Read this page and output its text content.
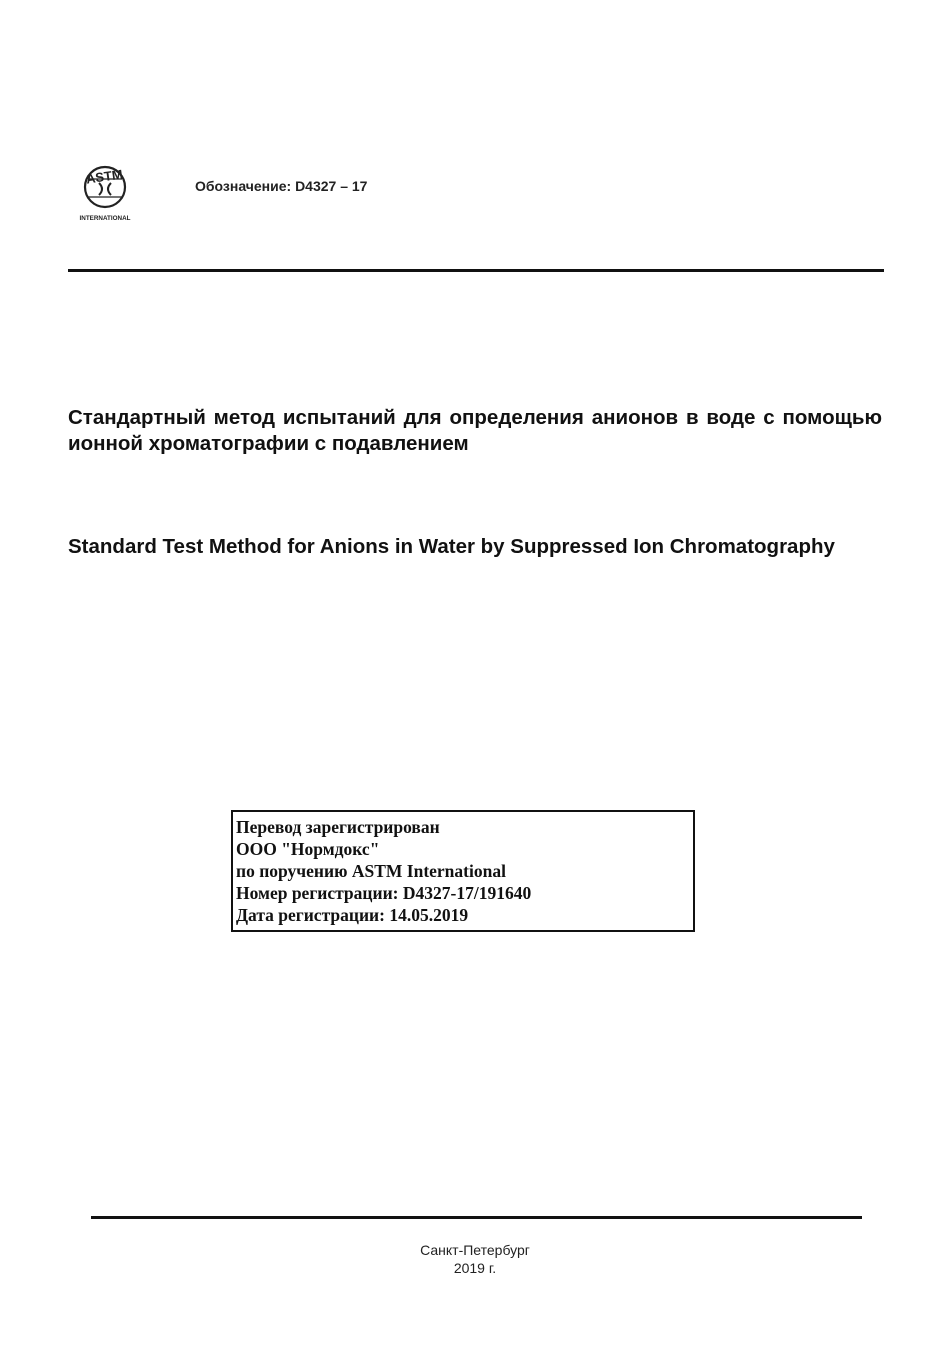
ASTM
INTERNATIONAL
Обозначение: D4327 – 17
Стандартный метод испытаний для определения анионов в воде с помощью ионной хроматографии с подавлением
Standard Test Method for Anions in Water by Suppressed Ion Chromatography
Перевод зарегистрирован
ООО "Нормдокс"
по поручению ASTM International
Номер регистрации: D4327-17/191640
Дата регистрации: 14.05.2019
Санкт-Петербург
2019 г.
